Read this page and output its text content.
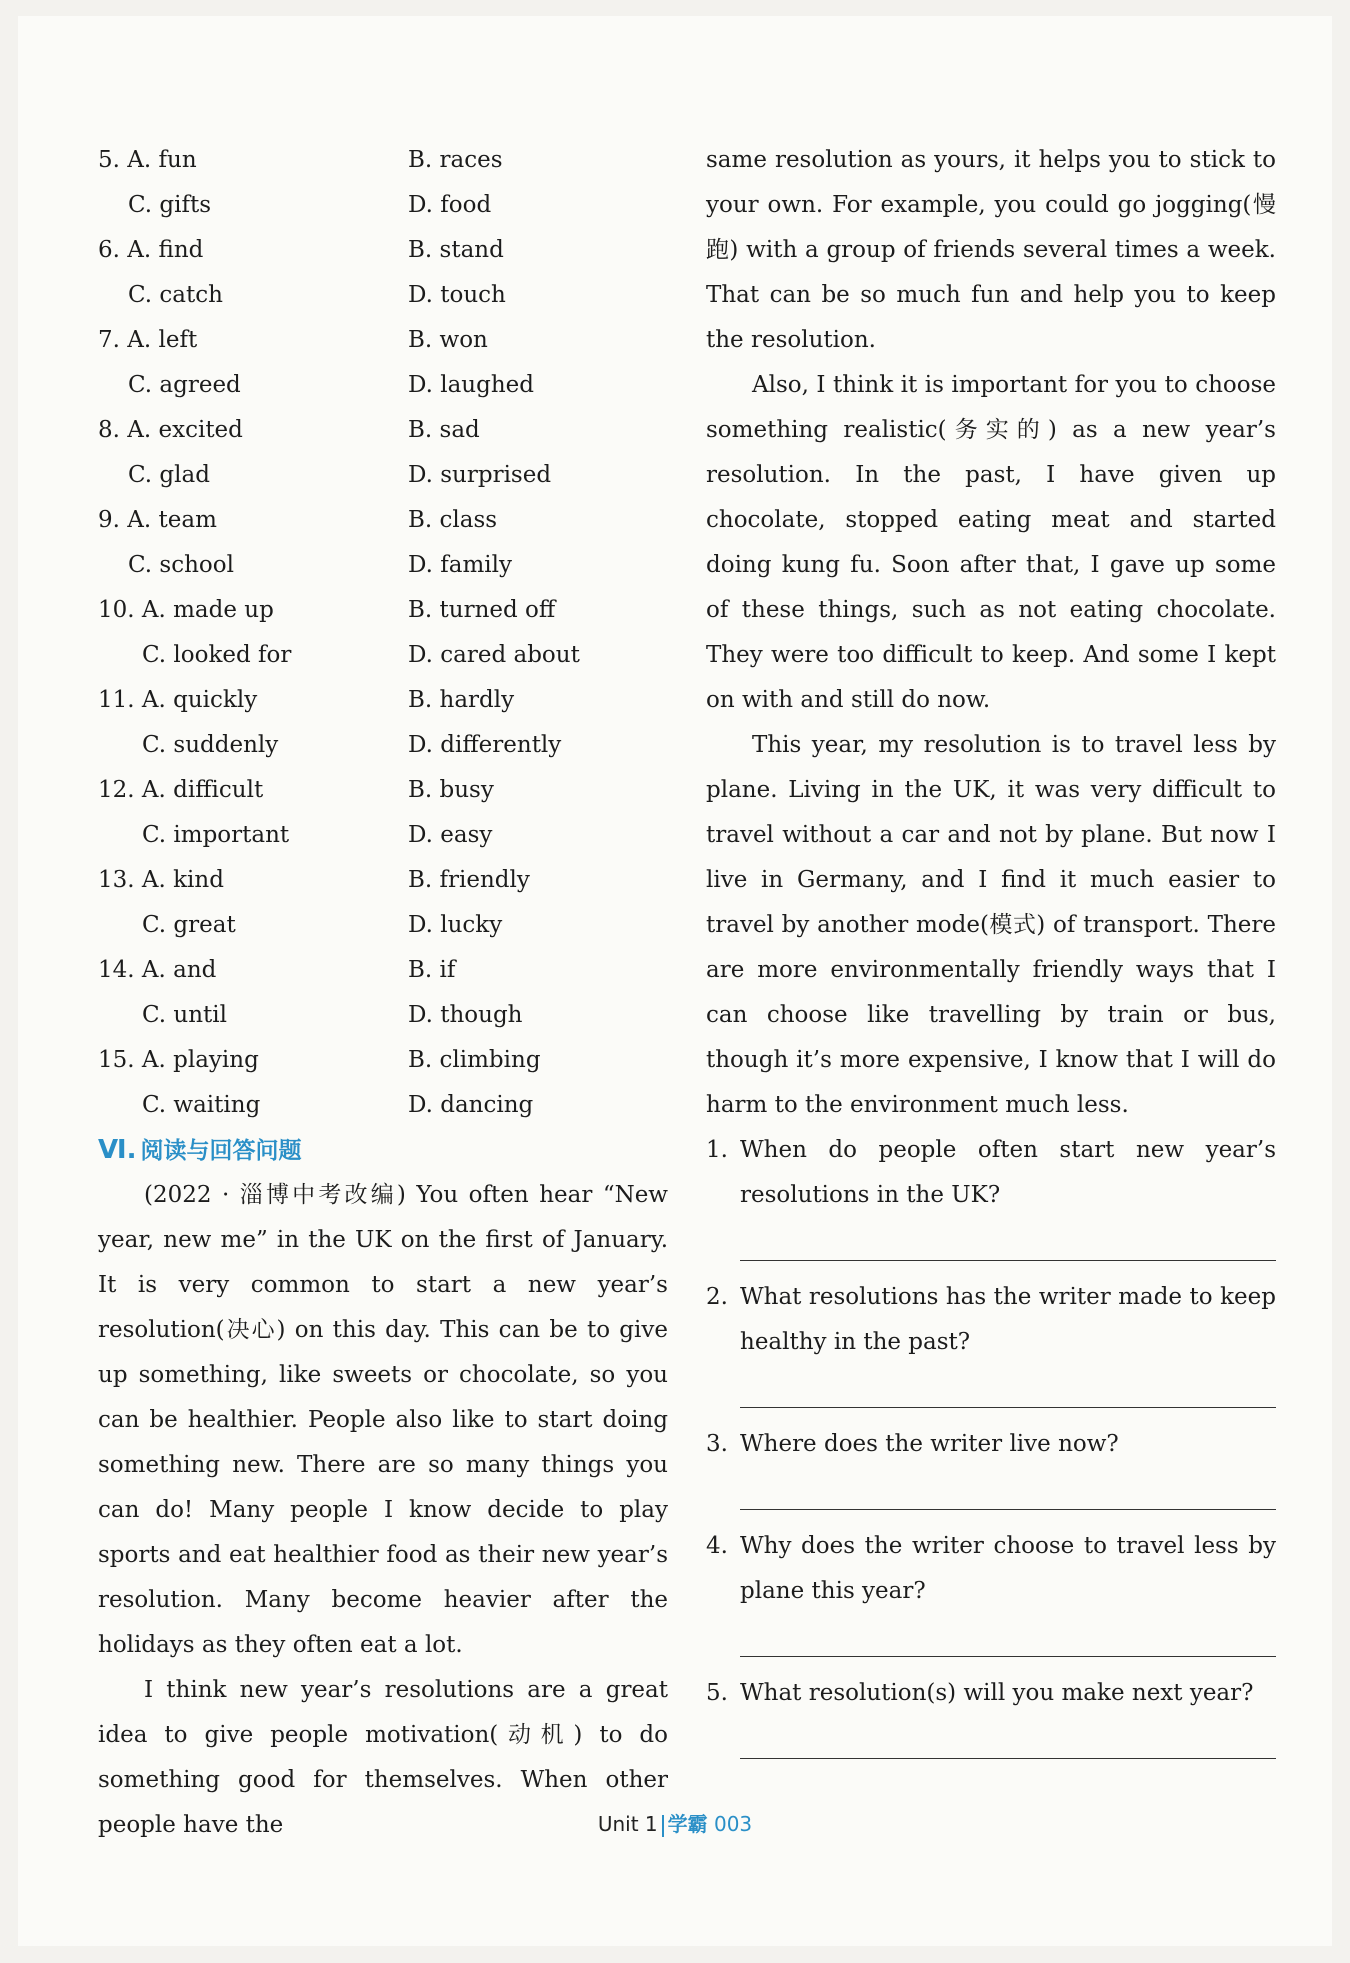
5. A. fun	B. races
C. gifts	D. food
6. A. find	B. stand
C. catch	D. touch
7. A. left	B. won
C. agreed	D. laughed
8. A. excited	B. sad
C. glad	D. surprised
9. A. team	B. class
C. school	D. family
10. A. made up	B. turned off
C. looked for	D. cared about
11. A. quickly	B. hardly
C. suddenly	D. differently
12. A. difficult	B. busy
C. important	D. easy
13. A. kind	B. friendly
C. great	D. lucky
14. A. and	B. if
C. until	D. though
15. A. playing	B. climbing
C. waiting	D. dancing
Ⅵ. 阅读与回答问题

(2022 · 淄博中考改编) You often hear “New year, new me” in the UK on the first of January. It is very common to start a new year’s resolution(决心) on this day. This can be to give up something, like sweets or chocolate, so you can be healthier. People also like to start doing something new. There are so many things you can do! Many people I know decide to play sports and eat healthier food as their new year’s resolution. Many become heavier after the holidays as they often eat a lot.

I think new year’s resolutions are a great idea to give people motivation(动机) to do something good for themselves. When other people have the

same resolution as yours, it helps you to stick to your own. For example, you could go jogging(慢跑) with a group of friends several times a week. That can be so much fun and help you to keep the resolution.

Also, I think it is important for you to choose something realistic(务实的) as a new year’s resolution. In the past, I have given up chocolate, stopped eating meat and started doing kung fu. Soon after that, I gave up some of these things, such as not eating chocolate. They were too difficult to keep. And some I kept on with and still do now.

This year, my resolution is to travel less by plane. Living in the UK, it was very difficult to travel without a car and not by plane. But now I live in Germany, and I find it much easier to travel by another mode(模式) of transport. There are more environmentally friendly ways that I can choose like travelling by train or bus, though it’s more expensive, I know that I will do harm to the environment much less.

1. When do people often start new year’s resolutions in the UK?

2. What resolutions has the writer made to keep healthy in the past?

3. Where does the writer live now?

4. Why does the writer choose to travel less by plane this year?

5. What resolution(s) will you make next year?

Unit 1 学霸 003
